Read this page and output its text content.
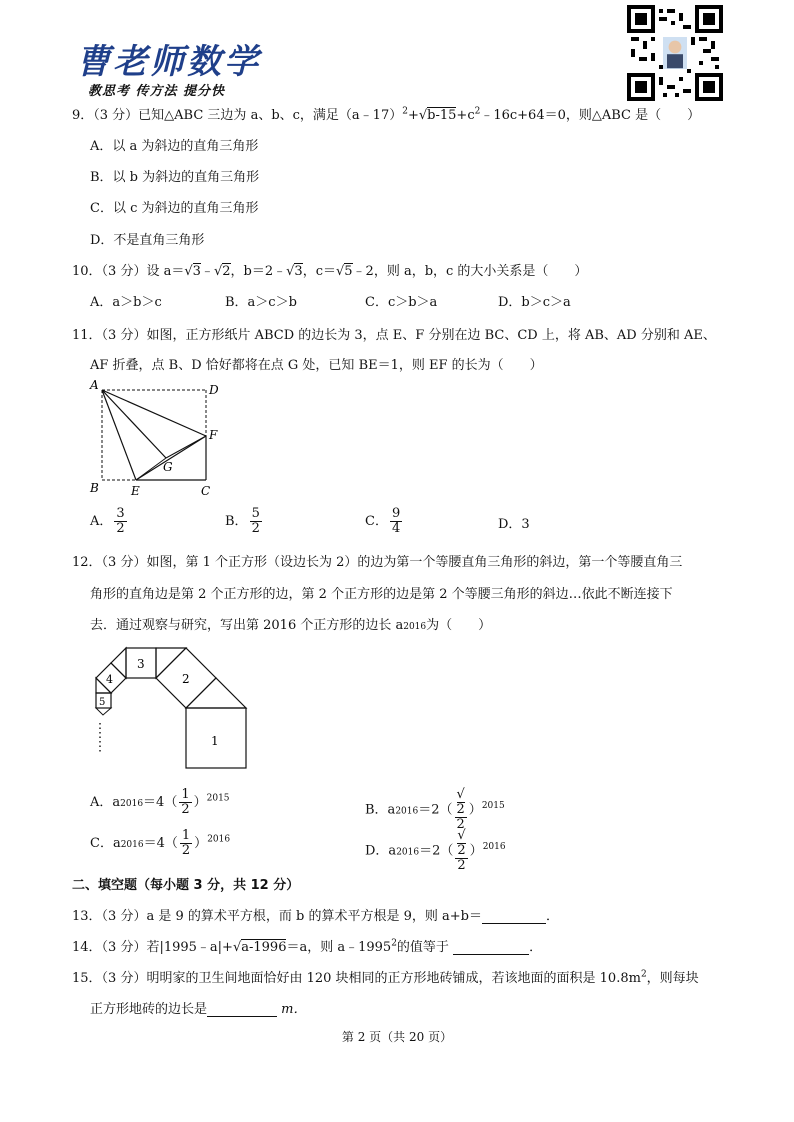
曹老师数学
教思考 传方法 提分快
9．（3 分）已知△ABC 三边为 a、b、c，满足$(a﹣17)^2+√b-15+c^2﹣16c+64=0$，则△ABC 是（　　）
A．以 a 为斜边的直角三角形
B．以 b 为斜边的直角三角形
C．以 c 为斜边的直角三角形
D．不是直角三角形
10．（3 分）设 a＝√3﹣√2，b＝2﹣√3，c＝√5﹣2，则 a，b，c 的大小关系是（　　）
A．a＞b＞c	B．a＞c＞b	C．c＞b＞a	D．b＞c＞a
11．（3 分）如图，正方形纸片 ABCD 的边长为 3，点 E、F 分别在边 BC、CD 上，将 AB、AD 分别和 AE、
AF 折叠，点 B、D 恰好都将在点 G 处，已知 BE＝1，则 EF 的长为（　　）
A	D
F
G
B	E	C
A． $\frac{3}{2}$	B． $\frac{5}{2}$	C． $\frac{9}{4}$	D．3
12．（3 分）如图，第 1 个正方形（设边长为 2）的边为第一个等腰直角三角形的斜边，第一个等腰直角三
角形的直角边是第 2 个正方形的边，第 2 个正方形的边是第 2 个等腰三角形的斜边…依此不断连接下
去．通过观察与研究，写出第 2016 个正方形的边长 a2016为（　　）
1
2
3
4
5
A．$a2016=4( \frac{1}{2} )^{2015}$
B．a2016＝2（ √
2
2 ）$^{2015}$
C．$a2016=4( \frac{1}{2} )^{2016}$
D．a2016＝2（ √
2
2 ）$^{2016}$
二、填空题（每小题 3 分，共 12 分）
13．（3 分）a 是 9 的算术平方根，而 b 的算术平方根是 9，则 a+b＝	．
14．（3 分）若|1995﹣a|+√a-1996＝a，则 a﹣1995$^2$的值等于	．
15．（3 分）明明家的卫生间地面恰好由 120 块相同的正方形地砖铺成，若该地面的面积是 $10.8m^2$，则每块
正方形地砖的边长是	m．
第 2 页（共 20 页）
